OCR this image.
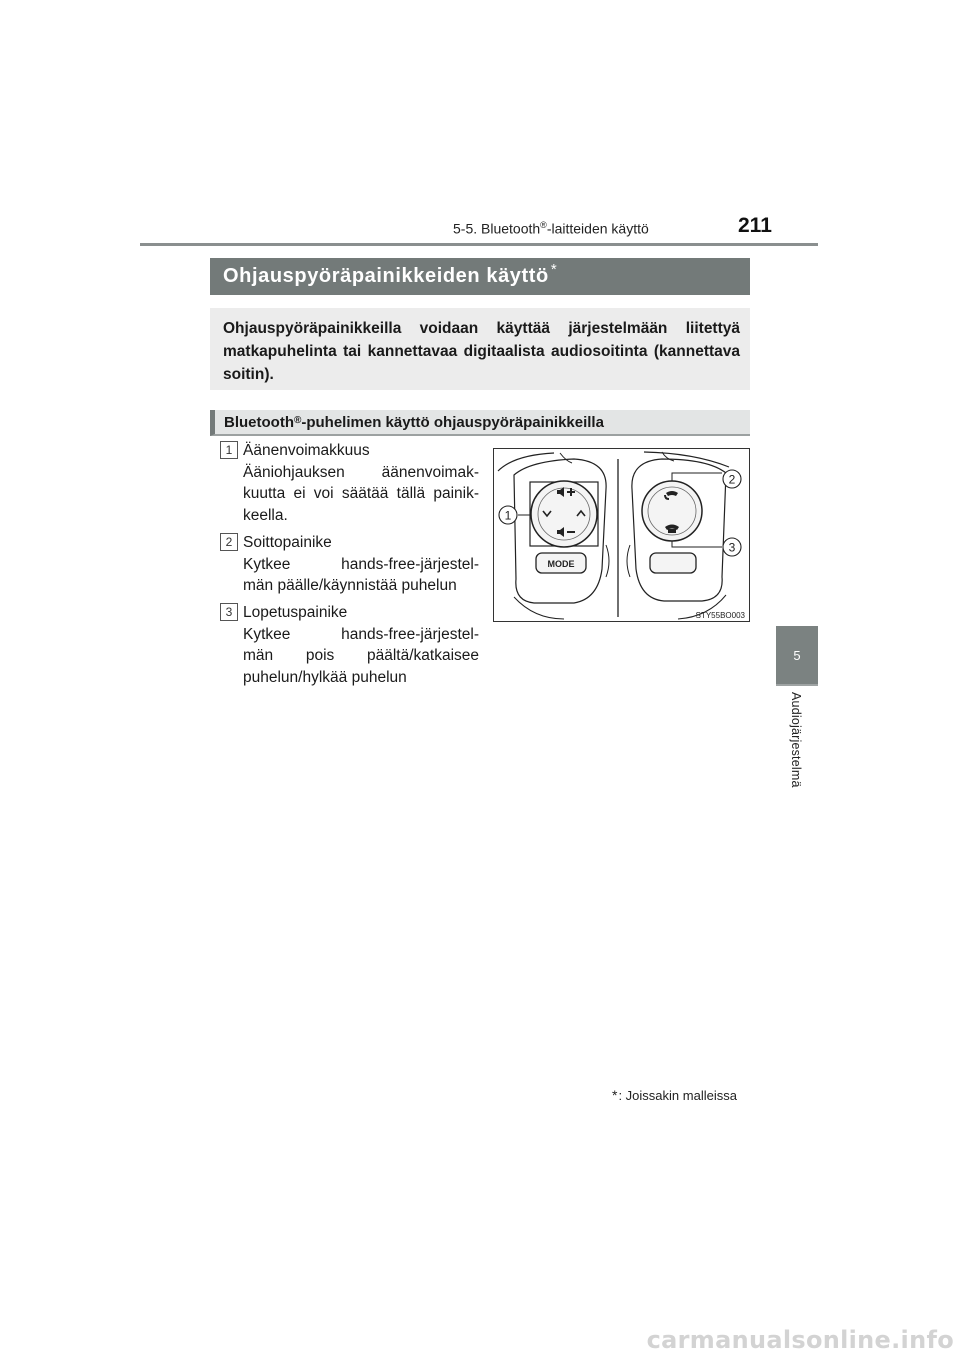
5-5. Bluetooth®-laitteiden käyttö	211
5
Audiojärjestelmä
Ohjauspyöräpainikkeiden käyttö *
Ohjauspyöräpainikkeilla voidaan käyttää järjestelmään liitettyä matkapuhelinta tai kannettavaa digitaalista audiosoitinta (kannettava soitin).
Bluetooth® -puhelimen käyttö ohjauspyöräpainikkeilla
1 Äänenvoimakkuus

Ääniohjauksen äänenvoimak-

kuutta ei voi säätää tällä painik-

keella.

2 Soittopainike

Kytkee hands-free-järjestel-

män päälle/käynnistää puhelun

3 Lopetuspainike

Kytkee hands-free-järjestel-

män pois päältä/katkaisee

puhelun/hylkää puhelun

MODE
1
2
3
STY55BO003
*: Joissakin malleissa
carmanualsonline.info
